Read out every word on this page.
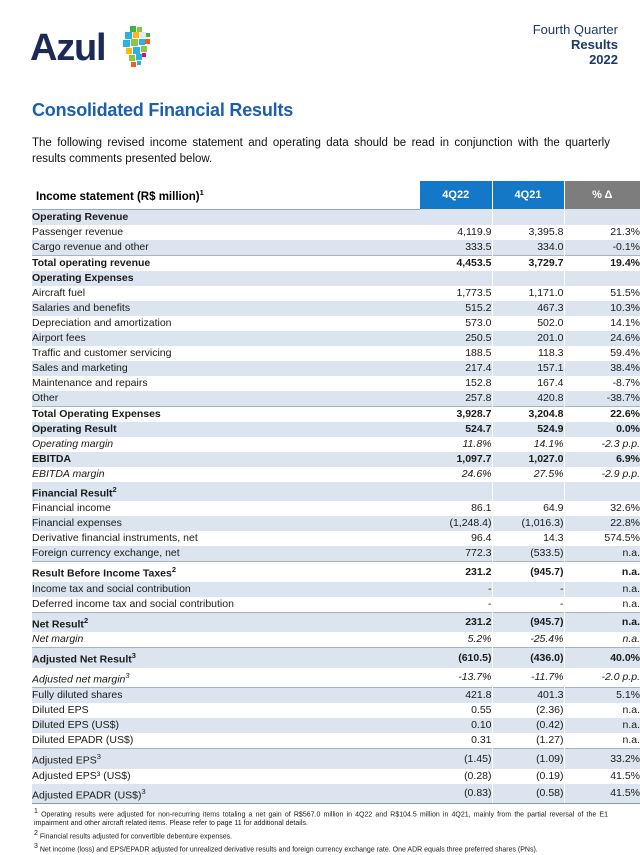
Azul	Fourth Quarter
Results
2022
Consolidated Financial Results
The following revised income statement and operating data should be read in conjunction with the quarterly results comments presented below.
Income statement (R$ million)$^1$	4Q22	4Q21	% Δ
Operating Revenue			
Passenger revenue	4,119.9	3,395.8	21.3%
Cargo revenue and other	333.5	334.0	-0.1%
Total operating revenue	4,453.5	3,729.7	19.4%
Operating Expenses			
Aircraft fuel	1,773.5	1,171.0	51.5%
Salaries and benefits	515.2	467.3	10.3%
Depreciation and amortization	573.0	502.0	14.1%
Airport fees	250.5	201.0	24.6%
Traffic and customer servicing	188.5	118.3	59.4%
Sales and marketing	217.4	157.1	38.4%
Maintenance and repairs	152.8	167.4	-8.7%
Other	257.8	420.8	-38.7%
Total Operating Expenses	3,928.7	3,204.8	22.6%
Operating Result	524.7	524.9	0.0%
Operating margin	11.8%	14.1%	-2.3 p.p.
EBITDA	1,097.7	1,027.0	6.9%
EBITDA margin	24.6%	27.5%	-2.9 p.p.
Financial Result$^2$			
Financial income	86.1	64.9	32.6%
Financial expenses	(1,248.4)	(1,016.3)	22.8%
Derivative financial instruments, net	96.4	14.3	574.5%
Foreign currency exchange, net	772.3	(533.5)	n.a.
Result Before Income Taxes$^2$	231.2	(945.7)	n.a.
Income tax and social contribution	-	-	n.a.
Deferred income tax and social contribution	-	-	n.a.
Net Result$^2$	231.2	(945.7)	n.a.
Net margin	5.2%	-25.4%	n.a.
Adjusted Net Result$^3$	(610.5)	(436.0)	40.0%
Adjusted net margin$^3$	-13.7%	-11.7%	-2.0 p.p.
Fully diluted shares	421.8	401.3	5.1%
Diluted EPS	0.55	(2.36)	n.a.
Diluted EPS (US$)	0.10	(0.42)	n.a.
Diluted EPADR (US$)	0.31	(1.27)	n.a.
Adjusted EPS$^3$	(1.45)	(1.09)	33.2%
Adjusted EPS³ (US$)	(0.28)	(0.19)	41.5%
Adjusted EPADR (US$)$^3$	(0.83)	(0.58)	41.5%

$^1$ Operating results were adjusted for non-recurring items totaling a net gain of R$567.0 million in 4Q22 and R$104.5 million in 4Q21, mainly from the partial reversal of the E1 impairment and other aircraft related items. Please refer to page 11 for additional details.

$^2$ Financial results adjusted for convertible debenture expenses.

$^3$ Net income (loss) and EPS/EPADR adjusted for unrealized derivative results and foreign currency exchange rate. One ADR equals three preferred shares (PNs).
